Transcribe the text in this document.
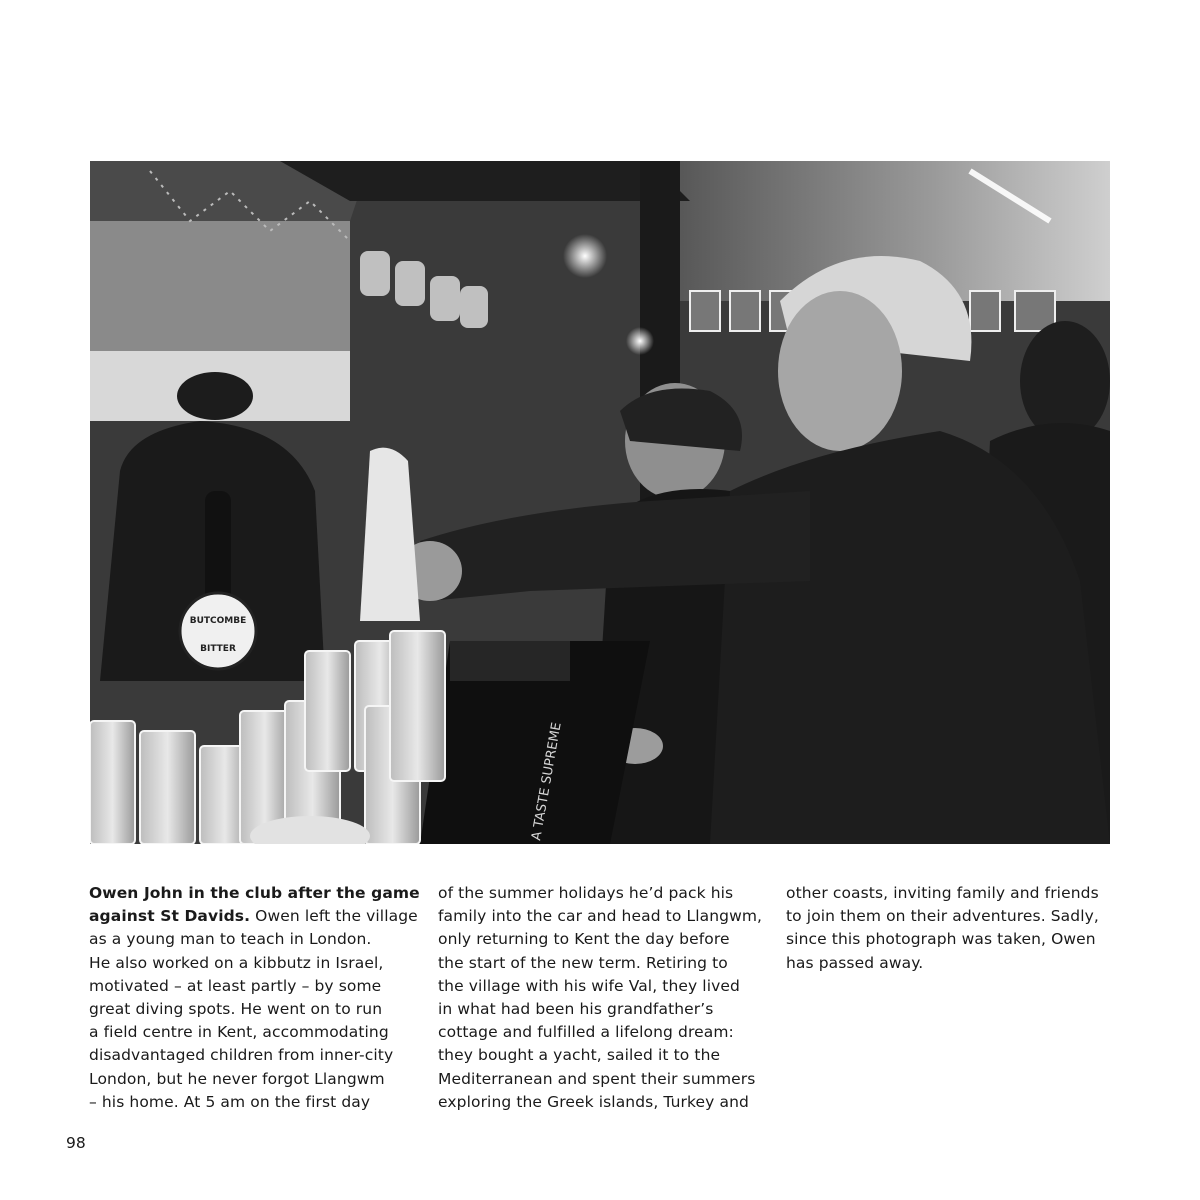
BUTCOMBE
BITTER
A TASTE SUPREME
Owen John in the club after the game
against St Davids. Owen left the village
as a young man to teach in London.
He also worked on a kibbutz in Israel,
motivated – at least partly – by some
great diving spots. He went on to run
a field centre in Kent, accommodating
disadvantaged children from inner-city
London, but he never forgot Llangwm
– his home. At 5 am on the first day
of the summer holidays he’d pack his
family into the car and head to Llangwm,
only returning to Kent the day before
the start of the new term. Retiring to
the village with his wife Val, they lived
in what had been his grandfather’s
cottage and fulfilled a lifelong dream:
they bought a yacht, sailed it to the
Mediterranean and spent their summers
exploring the Greek islands, Turkey and
other coasts, inviting family and friends
to join them on their adventures. Sadly,
since this photograph was taken, Owen
has passed away.
98
